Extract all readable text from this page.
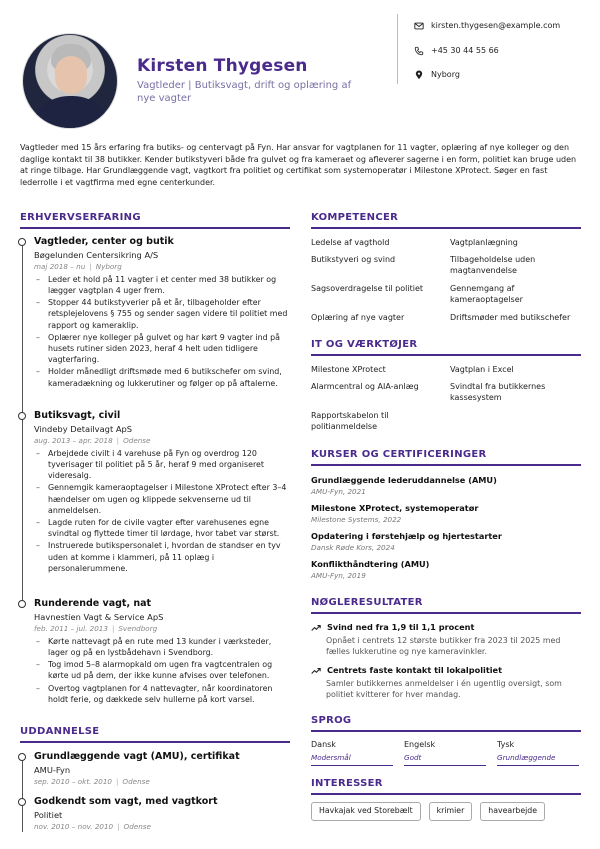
Kirsten Thygesen
Vagtleder | Butiksvagt, drift og oplæring af nye vagter
kirsten.thygesen@example.com
+45 30 44 55 66
Nyborg
Vagtleder med 15 års erfaring fra butiks- og centervagt på Fyn. Har ansvar for vagtplanen for 11 vagter, oplæring af nye kolleger og den daglige kontakt til 38 butikker. Kender butikstyveri både fra gulvet og fra kameraet og afleverer sagerne i en form, politiet kan bruge uden at ringe tilbage. Har Grundlæggende vagt, vagtkort fra politiet og certifikat som systemoperatør i Milestone XProtect. Søger en fast lederrolle i et vagtfirma med egne centerkunder.
ERHVERVSERFARING
Vagtleder, center og butik
Bøgelunden Centersikring A/S
maj 2018 – nu | Nyborg
– Leder et hold på 11 vagter i et center med 38 butikker og lægger vagtplan 4 uger frem.
– Stopper 44 butikstyverier på et år, tilbageholder efter retsplejelovens § 755 og sender sagen videre til politiet med rapport og kameraklip.
– Oplærer nye kolleger på gulvet og har kørt 9 vagter ind på husets rutiner siden 2023, heraf 4 helt uden tidligere vagterfaring.
– Holder månedligt driftsmøde med 6 butikschefer om svind, kameradækning og lukkerutiner og følger op på aftalerne.
Butiksvagt, civil
Vindeby Detailvagt ApS
aug. 2013 – apr. 2018 | Odense
– Arbejdede civilt i 4 varehuse på Fyn og overdrog 120 tyverisager til politiet på 5 år, heraf 9 med organiseret videresalg.
– Gennemgik kameraoptagelser i Milestone XProtect efter 3–4 hændelser om ugen og klippede sekvenserne ud til anmeldelsen.
– Lagde ruten for de civile vagter efter varehusenes egne svindtal og flyttede timer til lørdage, hvor tabet var størst.
– Instruerede butikspersonalet i, hvordan de standser en tyv uden at komme i klammeri, på 11 oplæg i personalerummene.
Runderende vagt, nat
Havnestien Vagt & Service ApS
feb. 2011 – jul. 2013 | Svendborg
– Kørte nattevagt på en rute med 13 kunder i værksteder, lager og på en lystbådehavn i Svendborg.
– Tog imod 5–8 alarmopkald om ugen fra vagtcentralen og kørte ud på dem, der ikke kunne afvises over telefonen.
– Overtog vagtplanen for 4 nattevagter, når koordinatoren holdt ferie, og dækkede selv hullerne på kort varsel.
UDDANNELSE
Grundlæggende vagt (AMU), certifikat
AMU-Fyn
sep. 2010 – okt. 2010 | Odense
Godkendt som vagt, med vagtkort
Politiet
nov. 2010 – nov. 2010 | Odense
KOMPETENCER
Ledelse af vagthold	Vagtplanlægning
Butikstyveri og svind	Tilbageholdelse uden magtanvendelse
Sagsoverdragelse til politiet	Gennemgang af kameraoptagelser
Oplæring af nye vagter	Driftsmøder med butikschefer
IT OG VÆRKTØJER
Milestone XProtect	Vagtplan i Excel
Alarmcentral og AIA-anlæg	Svindtal fra butikkernes kassesystem
Rapportskabelon til politianmeldelse
KURSER OG CERTIFICERINGER
Grundlæggende lederuddannelse (AMU)
AMU-Fyn, 2021
Milestone XProtect, systemoperatør
Milestone Systems, 2022
Opdatering i førstehjælp og hjertestarter
Dansk Røde Kors, 2024
Konflikthåndtering (AMU)
AMU-Fyn, 2019
NØGLERESULTATER
Svind ned fra 1,9 til 1,1 procent
Opnået i centrets 12 største butikker fra 2023 til 2025 med fælles lukkerutine og nye kameravinkler.
Centrets faste kontakt til lokalpolitiet
Samler butikkernes anmeldelser i én ugentlig oversigt, som politiet kvitterer for hver mandag.
SPROG
Dansk
Modersmål
Engelsk
Godt
Tysk
Grundlæggende
INTERESSER
Havkajak ved Storebælt	krimier	havearbejde
